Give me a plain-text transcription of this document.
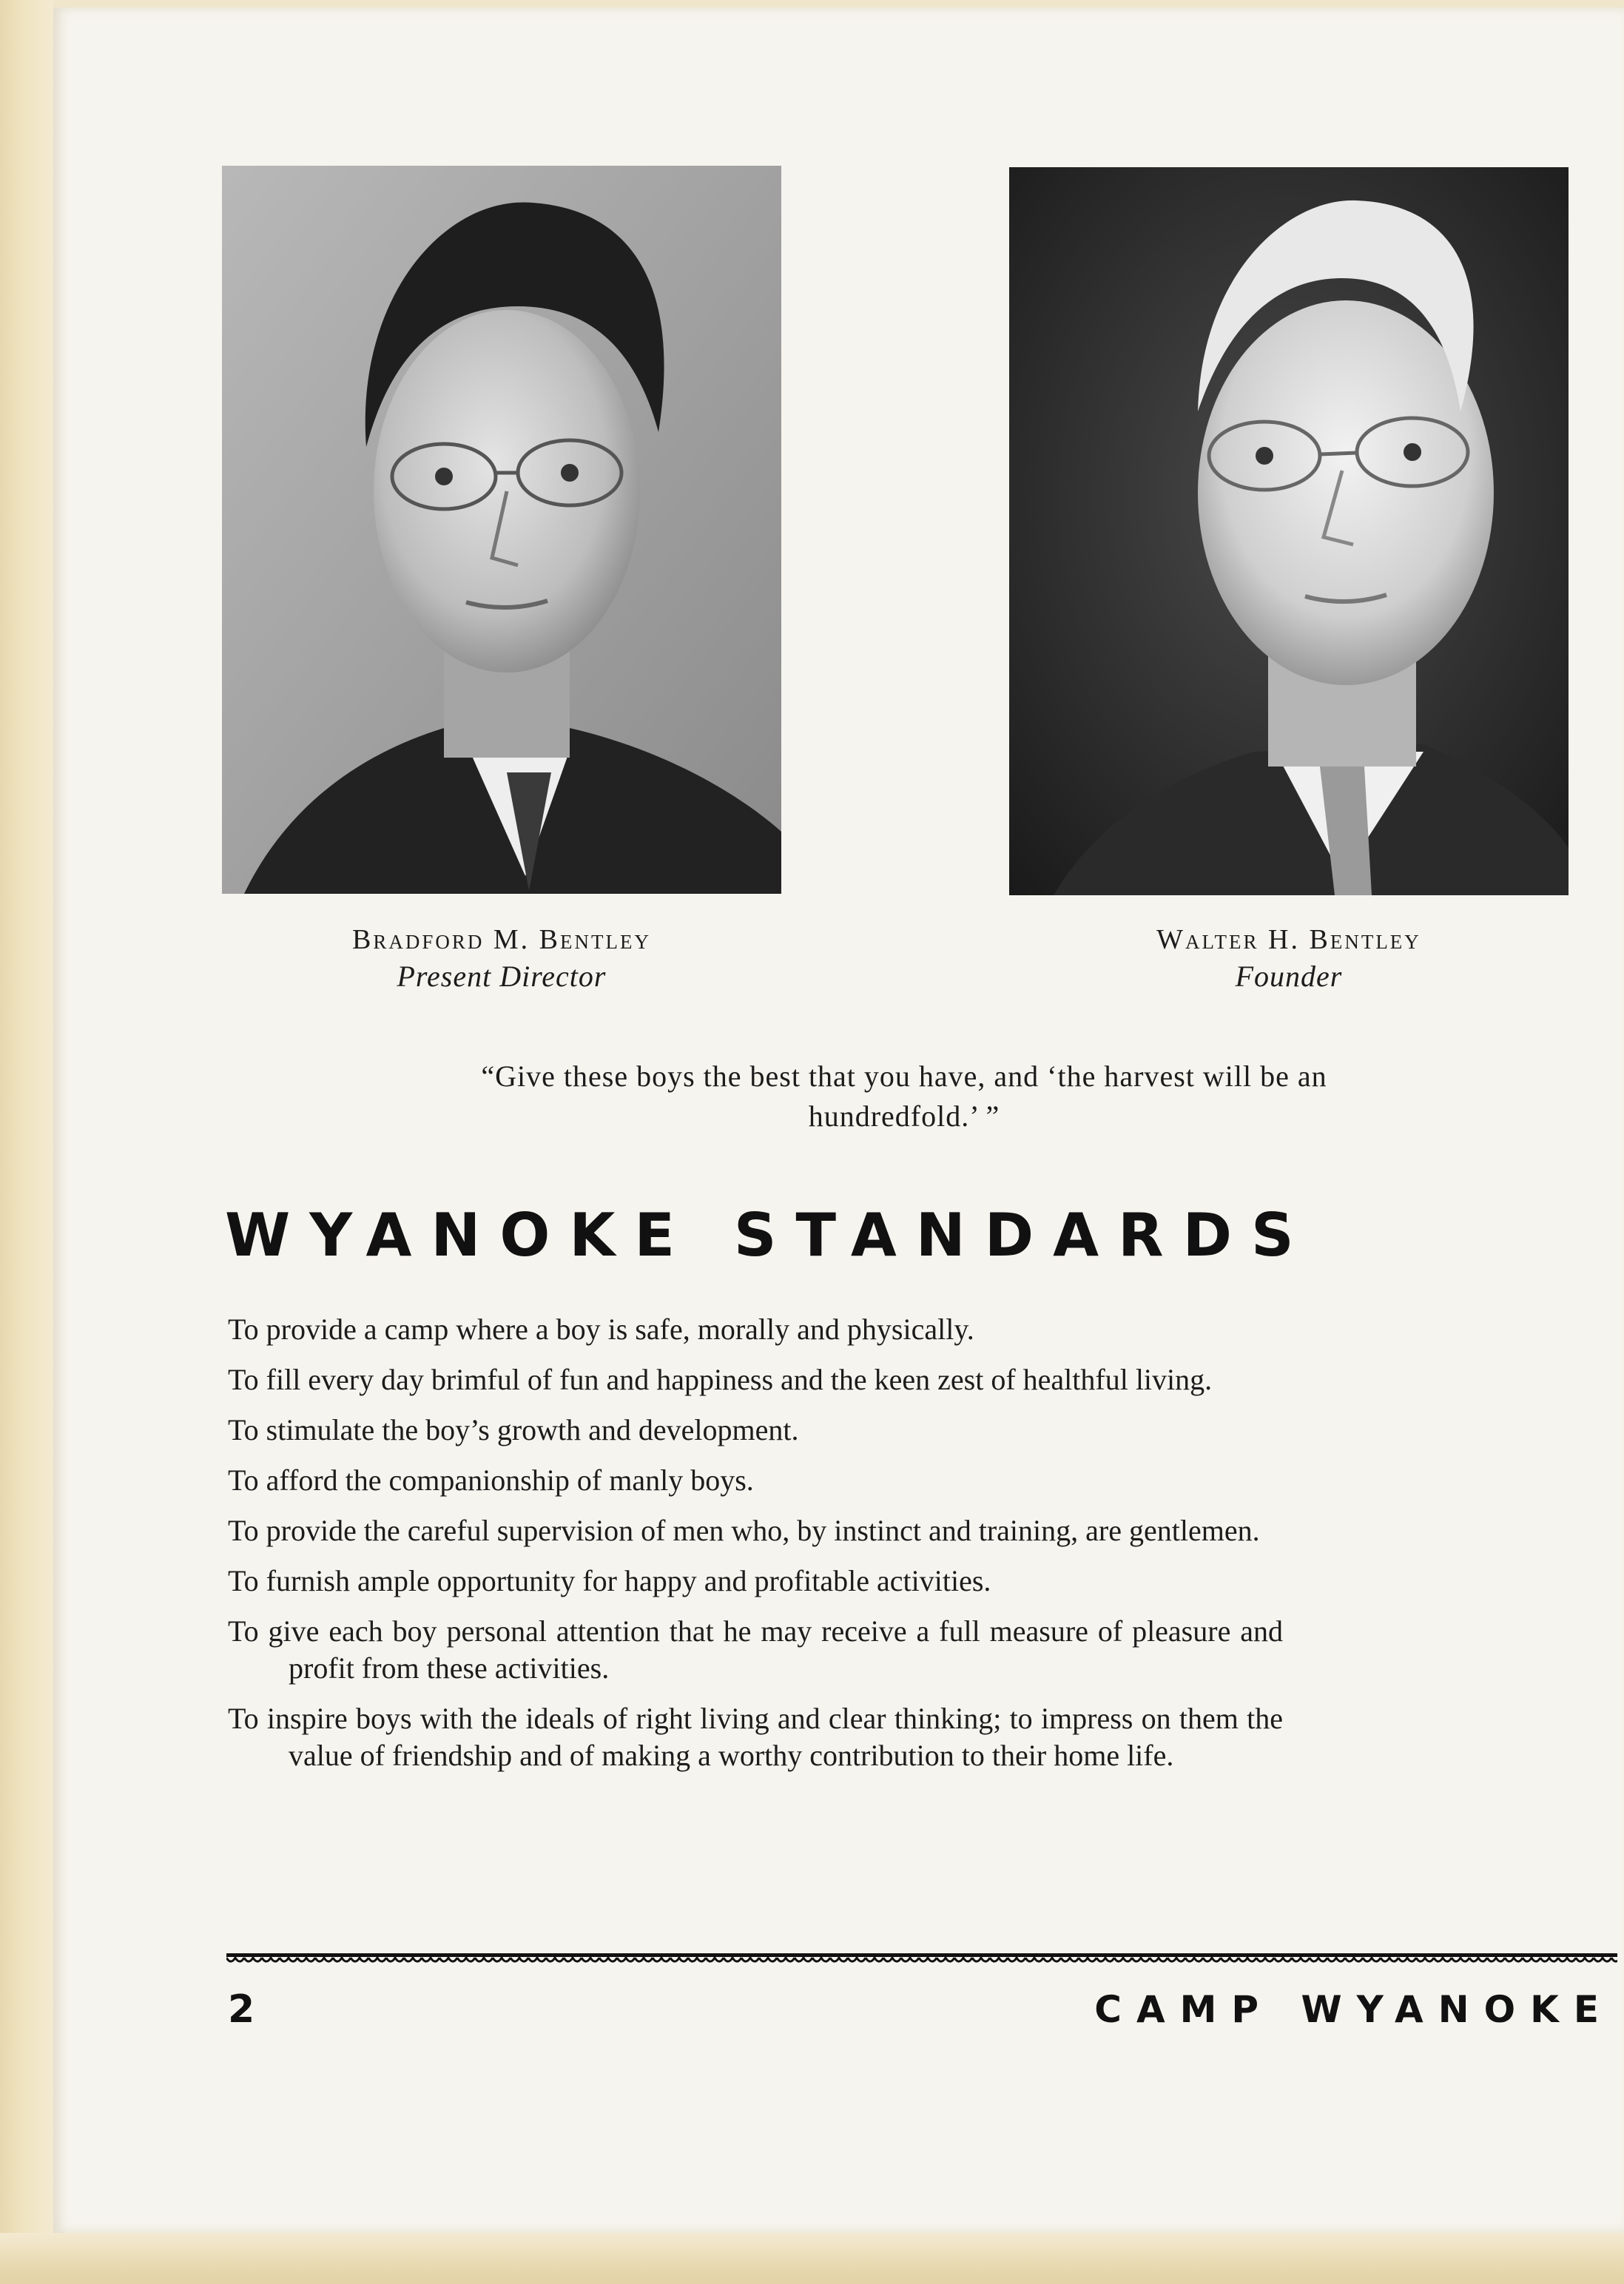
Bradford M. Bentley
Present Director
Walter H. Bentley
Founder
“Give these boys the best that you have, and ‘the harvest will be an hundredfold.’ ”
WYANOKE STANDARDS
To provide a camp where a boy is safe, morally and physically.
To fill every day brimful of fun and happiness and the keen zest of healthful living.
To stimulate the boy’s growth and development.
To afford the companionship of manly boys.
To provide the careful supervision of men who, by instinct and training, are gentlemen.
To furnish ample opportunity for happy and profitable activities.
To give each boy personal attention that he may receive a full measure of pleasure and profit from these activities.
To inspire boys with the ideals of right living and clear thinking; to impress on them the value of friendship and of making a worthy contribution to their home life.
2	CAMP WYANOKE
